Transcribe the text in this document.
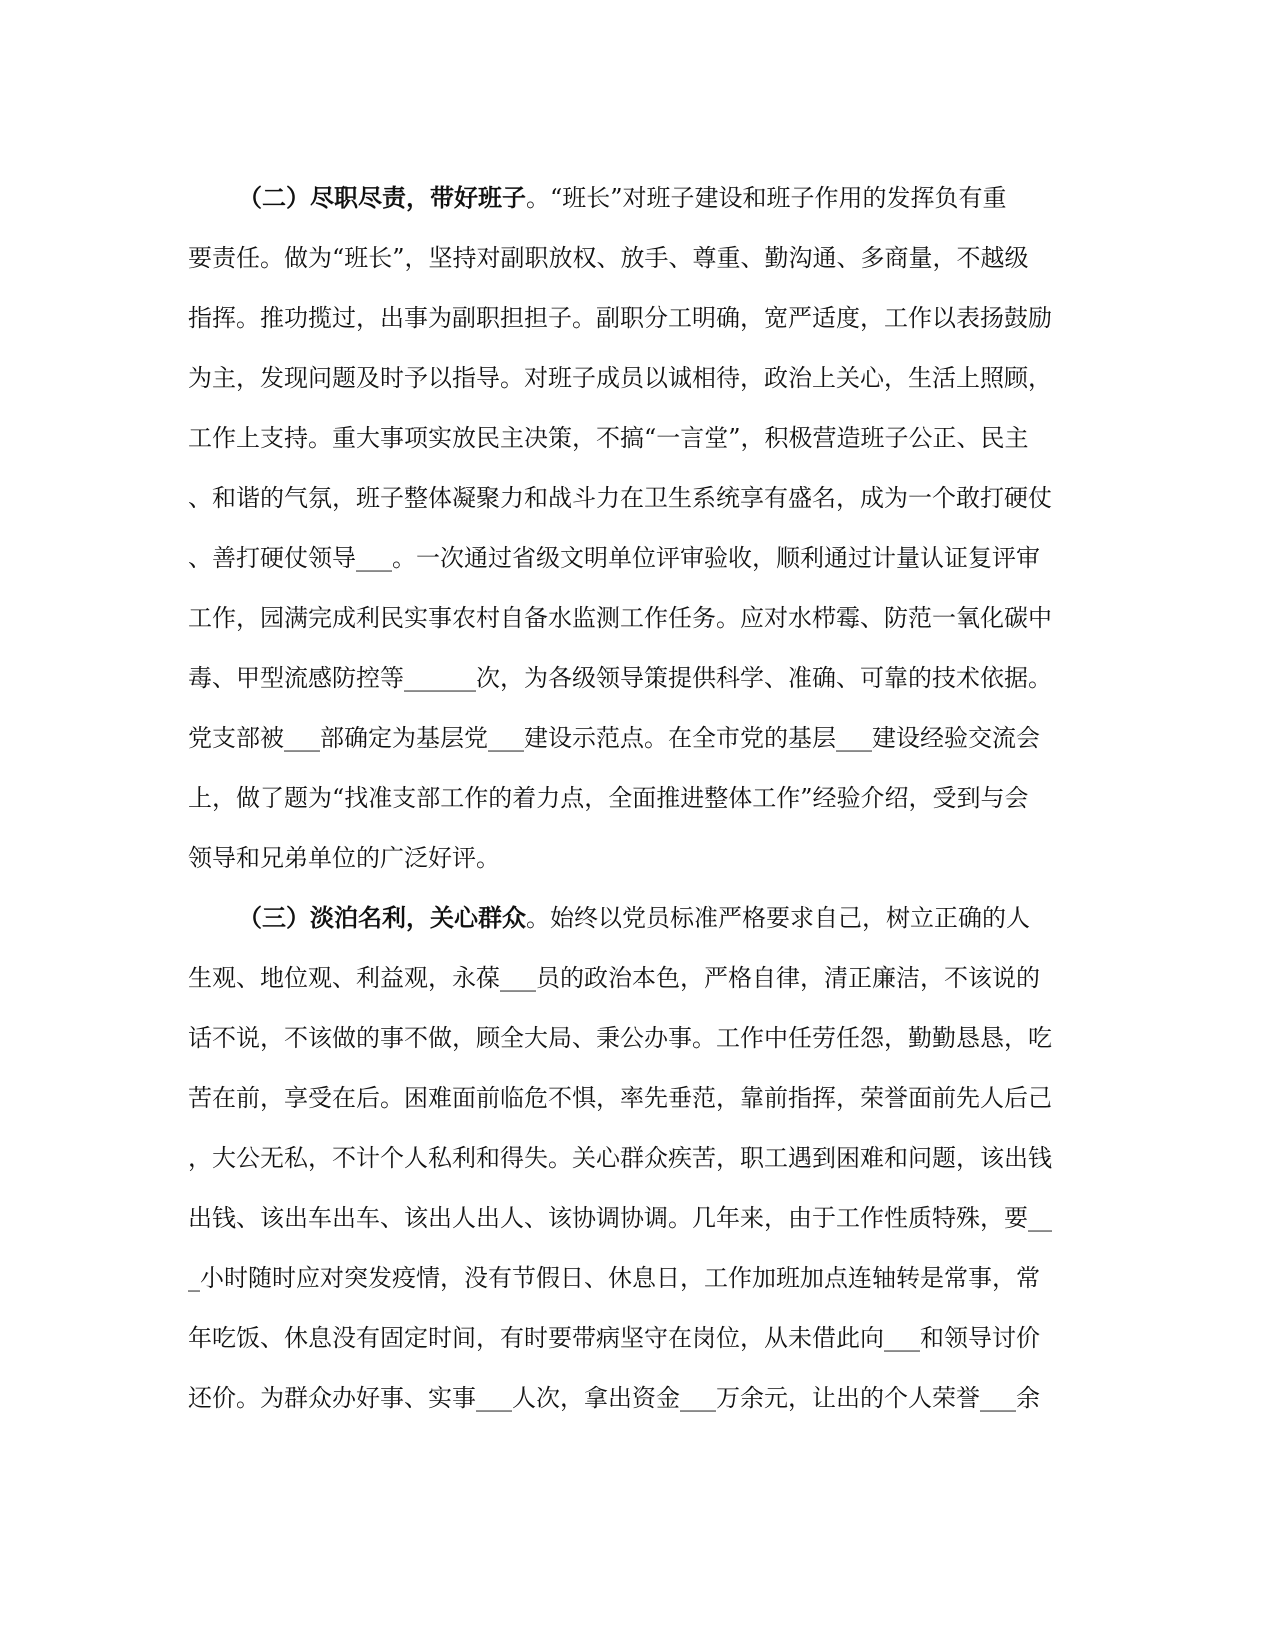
（二）尽职尽责，带好班子。“班长”对班子建设和班子作用的发挥负有重
要责任。做为“班长”，坚持对副职放权、放手、尊重、勤沟通、多商量，不越级
指挥。推功揽过，出事为副职担担子。副职分工明确，宽严适度，工作以表扬鼓励
为主，发现问题及时予以指导。对班子成员以诚相待，政治上关心，生活上照顾，
工作上支持。重大事项实放民主决策，不搞“一言堂”，积极营造班子公正、民主
、和谐的气氛，班子整体凝聚力和战斗力在卫生系统享有盛名，成为一个敢打硬仗
、善打硬仗领导___。一次通过省级文明单位评审验收，顺利通过计量认证复评审
工作，园满完成利民实事农村自备水监测工作任务。应对水栉霉、防范一氧化碳中
毒、甲型流感防控等______次，为各级领导策提供科学、准确、可靠的技术依据。
党支部被___部确定为基层党___建设示范点。在全市党的基层___建设经验交流会
上，做了题为“找准支部工作的着力点，全面推进整体工作”经验介绍，受到与会
领导和兄弟单位的广泛好评。
（三）淡泊名利，关心群众。始终以党员标准严格要求自己，树立正确的人
生观、地位观、利益观，永葆___员的政治本色，严格自律，清正廉洁，不该说的
话不说，不该做的事不做，顾全大局、秉公办事。工作中任劳任怨，勤勤恳恳，吃
苦在前，享受在后。困难面前临危不惧，率先垂范，靠前指挥，荣誉面前先人后己
，大公无私，不计个人私利和得失。关心群众疾苦，职工遇到困难和问题，该出钱
出钱、该出车出车、该出人出人、该协调协调。几年来，由于工作性质特殊，要__
_小时随时应对突发疫情，没有节假日、休息日，工作加班加点连轴转是常事，常
年吃饭、休息没有固定时间，有时要带病坚守在岗位，从未借此向___和领导讨价
还价。为群众办好事、实事___人次，拿出资金___万余元，让出的个人荣誉___余
